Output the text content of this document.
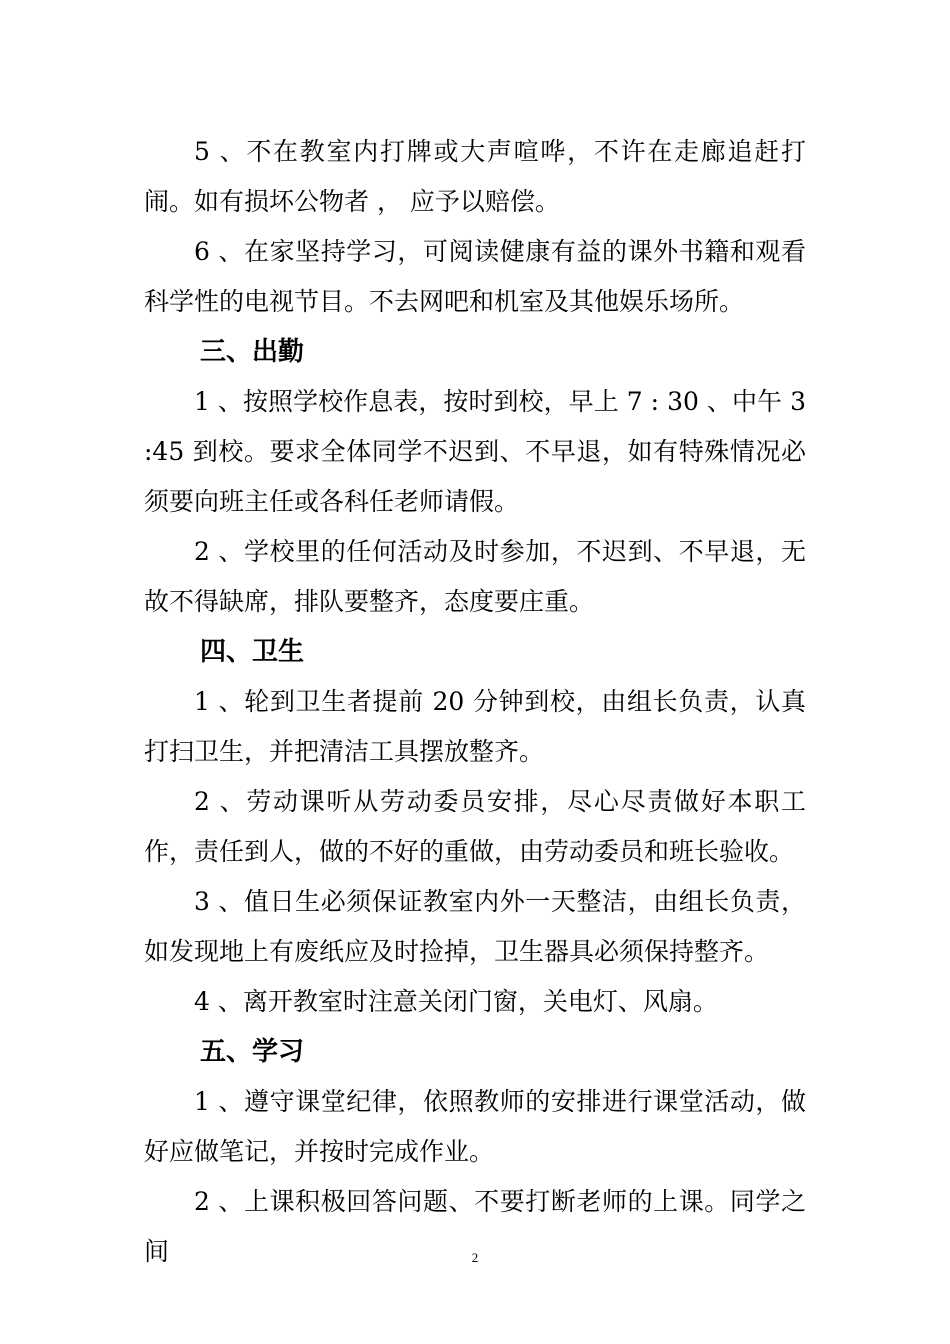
5 、不在教室内打牌或大声喧哗，不许在走廊追赶打闹。如有损坏公物者 ， 应予以赔偿。

6 、在家坚持学习，可阅读健康有益的课外书籍和观看科学性的电视节目。不去网吧和机室及其他娱乐场所。

三、出勤

1 、按照学校作息表，按时到校，早上 7 : 30 、中午 3 :45 到校。要求全体同学不迟到、不早退，如有特殊情况必须要向班主任或各科任老师请假。

2 、学校里的任何活动及时参加，不迟到、不早退，无故不得缺席，排队要整齐，态度要庄重。

四、卫生

1 、轮到卫生者提前 20 分钟到校，由组长负责，认真打扫卫生，并把清洁工具摆放整齐。

2 、劳动课听从劳动委员安排，尽心尽责做好本职工作，责任到人，做的不好的重做，由劳动委员和班长验收。

3 、值日生必须保证教室内外一天整洁，由组长负责，如发现地上有废纸应及时捡掉，卫生器具必须保持整齐。

4 、离开教室时注意关闭门窗，关电灯、风扇。

五、学习

1 、遵守课堂纪律，依照教师的安排进行课堂活动，做好应做笔记，并按时完成作业。

2 、上课积极回答问题、不要打断老师的上课。同学之间	2
